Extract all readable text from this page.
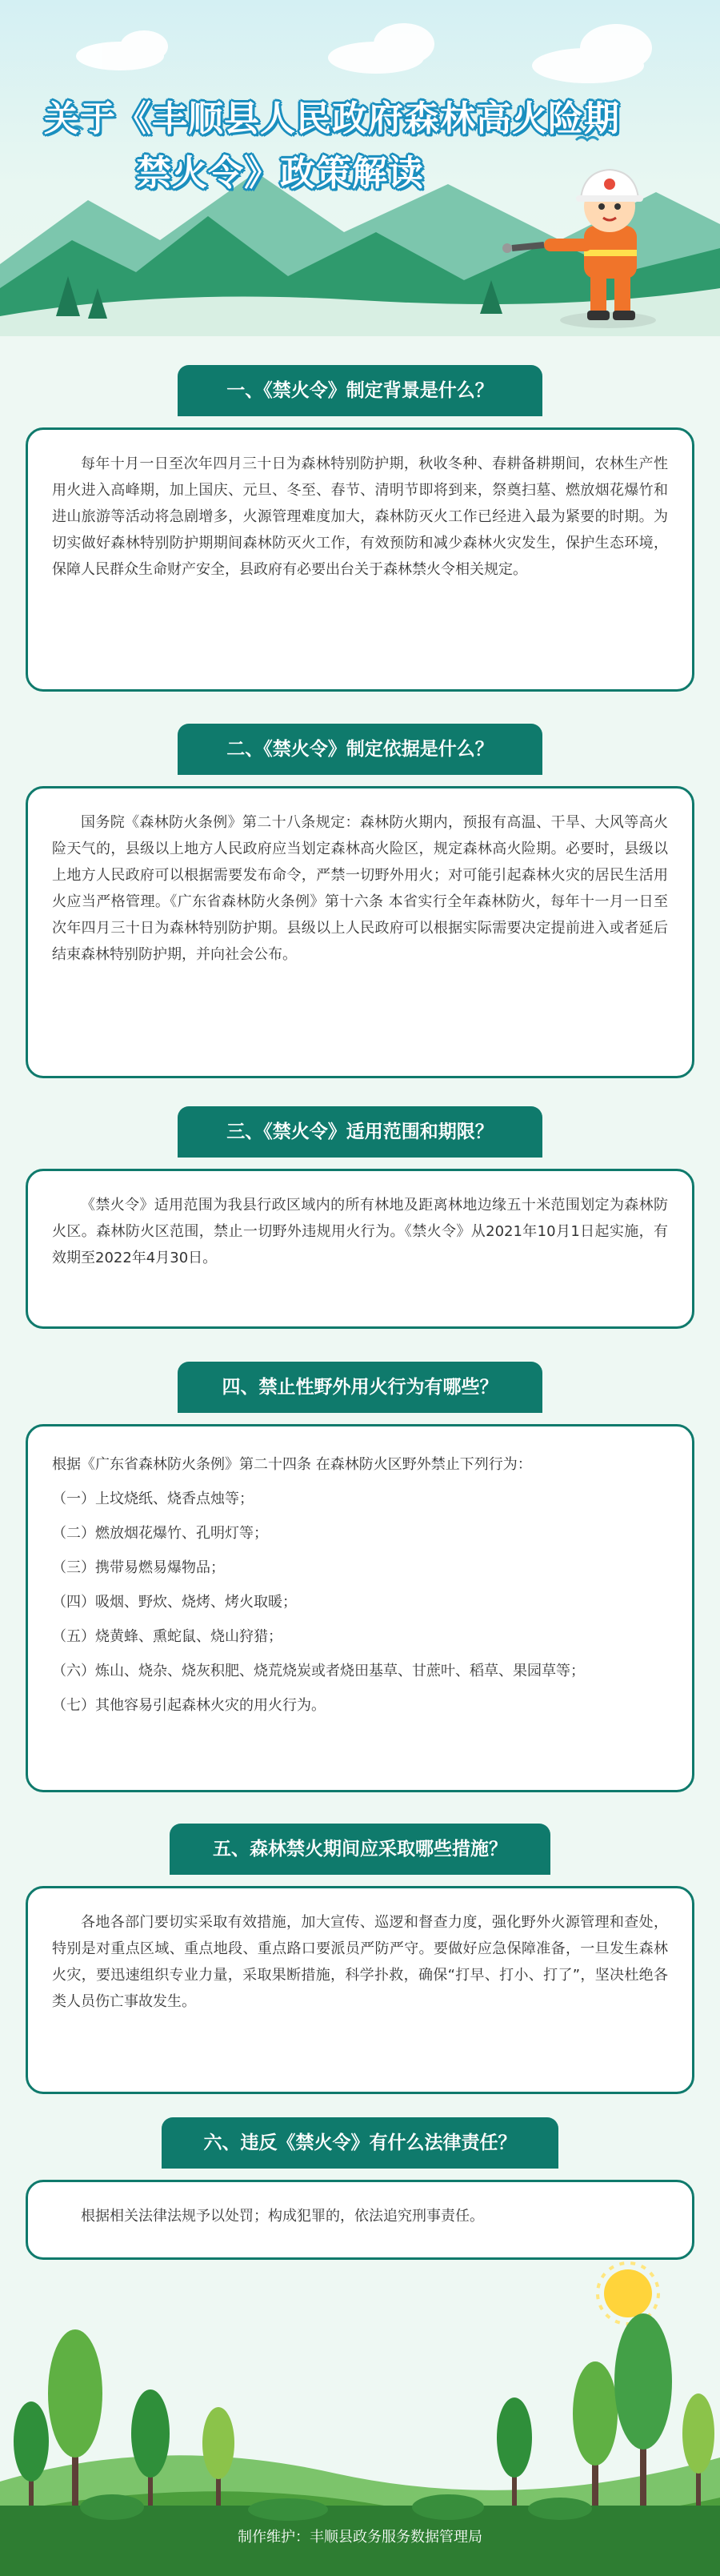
关于《丰顺县人民政府森林高火险期
禁火令》政策解读
一、《禁火令》制定背景是什么？

每年十月一日至次年四月三十日为森林特别防护期，秋收冬种、春耕备耕期间，农林生产性用火进入高峰期，加上国庆、元旦、冬至、春节、清明节即将到来，祭奠扫墓、燃放烟花爆竹和进山旅游等活动将急剧增多，火源管理难度加大，森林防灭火工作已经进入最为紧要的时期。为切实做好森林特别防护期期间森林防灭火工作，有效预防和减少森林火灾发生，保护生态环境，保障人民群众生命财产安全，县政府有必要出台关于森林禁火令相关规定。

二、《禁火令》制定依据是什么？

国务院《森林防火条例》第二十八条规定：森林防火期内，预报有高温、干旱、大风等高火险天气的，县级以上地方人民政府应当划定森林高火险区，规定森林高火险期。必要时，县级以上地方人民政府可以根据需要发布命令，严禁一切野外用火；对可能引起森林火灾的居民生活用火应当严格管理。《广东省森林防火条例》第十六条 本省实行全年森林防火，每年十一月一日至次年四月三十日为森林特别防护期。县级以上人民政府可以根据实际需要决定提前进入或者延后结束森林特别防护期，并向社会公布。

三、《禁火令》适用范围和期限？

《禁火令》适用范围为我县行政区域内的所有林地及距离林地边缘五十米范围划定为森林防火区。森林防火区范围，禁止一切野外违规用火行为。《禁火令》从2021年10月1日起实施，有效期至2022年4月30日。

四、禁止性野外用火行为有哪些？
根据《广东省森林防火条例》第二十四条 在森林防火区野外禁止下列行为：
（一）上坟烧纸、烧香点烛等；
（二）燃放烟花爆竹、孔明灯等；
（三）携带易燃易爆物品；
（四）吸烟、野炊、烧烤、烤火取暖；
（五）烧黄蜂、熏蛇鼠、烧山狩猎；
（六）炼山、烧杂、烧灰积肥、烧荒烧炭或者烧田基草、甘蔗叶、稻草、果园草等；
（七）其他容易引起森林火灾的用火行为。
五、森林禁火期间应采取哪些措施？

各地各部门要切实采取有效措施，加大宣传、巡逻和督查力度，强化野外火源管理和查处，特别是对重点区域、重点地段、重点路口要派员严防严守。要做好应急保障准备，一旦发生森林火灾，要迅速组织专业力量，采取果断措施，科学扑救，确保“打早、打小、打了”，坚决杜绝各类人员伤亡事故发生。

六、违反《禁火令》有什么法律责任？

根据相关法律法规予以处罚；构成犯罪的，依法追究刑事责任。

制作维护：丰顺县政务服务数据管理局
